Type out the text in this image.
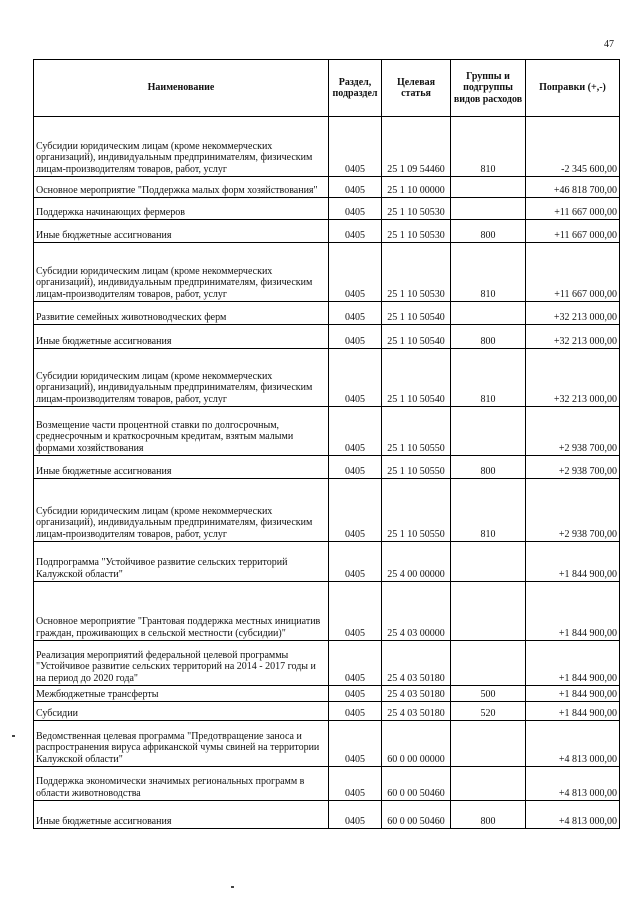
47
Наименование	Раздел, подраздел	Целевая статья	Группы и подгруппы видов расходов	Поправки (+,-)
Субсидии юридическим лицам (кроме некоммерческих организаций), индивидуальным предпринимателям, физическим лицам-производителям товаров, работ, услуг	0405	25 1 09 54460	810	-2 345 600,00
Основное мероприятие "Поддержка малых форм хозяйствования"	0405	25 1 10 00000		+46 818 700,00
Поддержка начинающих фермеров	0405	25 1 10 50530		+11 667 000,00
Иные бюджетные ассигнования	0405	25 1 10 50530	800	+11 667 000,00
Субсидии юридическим лицам (кроме некоммерческих организаций), индивидуальным предпринимателям, физическим лицам-производителям товаров, работ, услуг	0405	25 1 10 50530	810	+11 667 000,00
Развитие семейных животноводческих ферм	0405	25 1 10 50540		+32 213 000,00
Иные бюджетные ассигнования	0405	25 1 10 50540	800	+32 213 000,00
Субсидии юридическим лицам (кроме некоммерческих организаций), индивидуальным предпринимателям, физическим лицам-производителям товаров, работ, услуг	0405	25 1 10 50540	810	+32 213 000,00
Возмещение части процентной ставки по долгосрочным, среднесрочным и краткосрочным кредитам, взятым малыми формами хозяйствования	0405	25 1 10 50550		+2 938 700,00
Иные бюджетные ассигнования	0405	25 1 10 50550	800	+2 938 700,00
Субсидии юридическим лицам (кроме некоммерческих организаций), индивидуальным предпринимателям, физическим лицам-производителям товаров, работ, услуг	0405	25 1 10 50550	810	+2 938 700,00
Подпрограмма "Устойчивое развитие сельских территорий Калужской области"	0405	25 4 00 00000		+1 844 900,00
Основное мероприятие "Грантовая поддержка местных инициатив граждан, проживающих в сельской местности (субсидии)"	0405	25 4 03 00000		+1 844 900,00
Реализация мероприятий федеральной целевой программы "Устойчивое развитие сельских территорий на 2014 - 2017 годы и на период до 2020 года"	0405	25 4 03 50180		+1 844 900,00
Межбюджетные трансферты	0405	25 4 03 50180	500	+1 844 900,00
Субсидии	0405	25 4 03 50180	520	+1 844 900,00
Ведомственная целевая программа "Предотвращение заноса и распространения вируса африканской чумы свиней на территории Калужской области"	0405	60 0 00 00000		+4 813 000,00
Поддержка экономически значимых региональных программ в области животноводства	0405	60 0 00 50460		+4 813 000,00
Иные бюджетные ассигнования	0405	60 0 00 50460	800	+4 813 000,00
